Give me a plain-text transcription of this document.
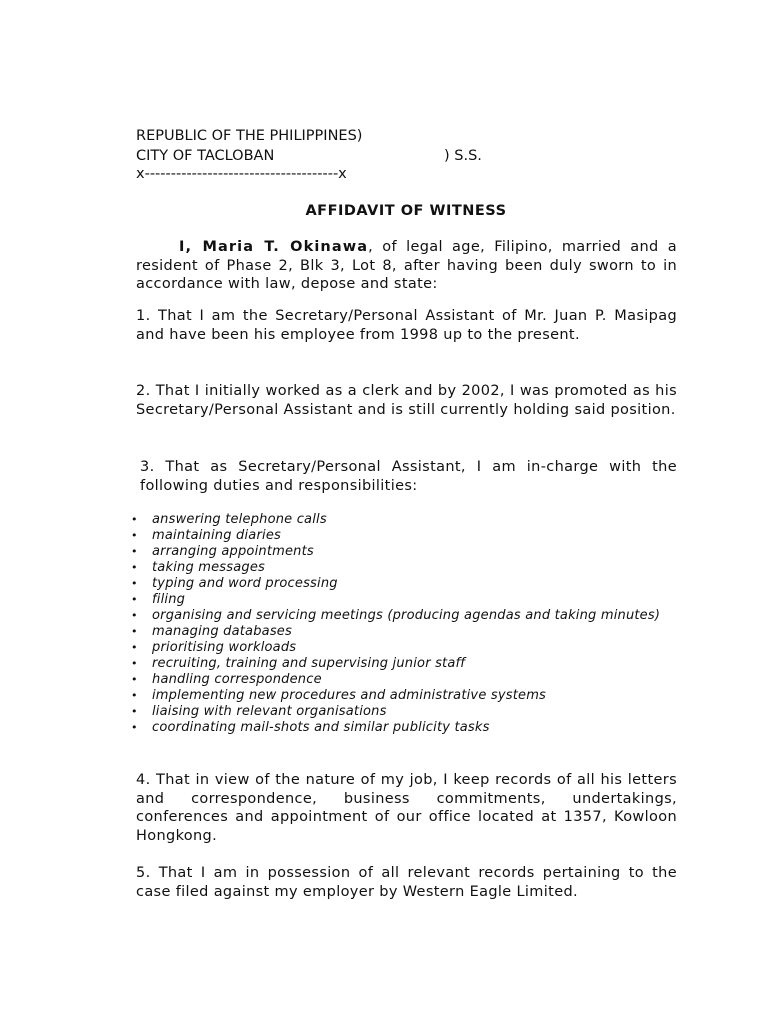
REPUBLIC OF THE PHILIPPINES)
CITY OF TACLOBAN	) S.S.
x-------------------------------------x
AFFIDAVIT OF WITNESS
I, Maria T. Okinawa, of legal age, Filipino, married and a resident of Phase 2, Blk 3, Lot 8, after having been duly sworn to in accordance with law, depose and state:
1. That I am the Secretary/Personal Assistant of Mr. Juan P. Masipag and have been his employee from 1998 up to the present.
2. That I initially worked as a clerk and by 2002, I was promoted as his Secretary/Personal Assistant and is still currently holding said position.
3. That as Secretary/Personal Assistant, I am in-charge with the following duties and responsibilities:
• answering telephone calls
• maintaining diaries
• arranging appointments
• taking messages
• typing and word processing
• filing
• organising and servicing meetings (producing agendas and taking minutes)
• managing databases
• prioritising workloads
• recruiting, training and supervising junior staff
• handling correspondence
• implementing new procedures and administrative systems
• liaising with relevant organisations
• coordinating mail-shots and similar publicity tasks
4. That in view of the nature of my job, I keep records of all his letters and correspondence, business commitments, undertakings, conferences and appointment of our office located at 1357, Kowloon Hongkong.
5. That I am in possession of all relevant records pertaining to the case filed against my employer by Western Eagle Limited.
